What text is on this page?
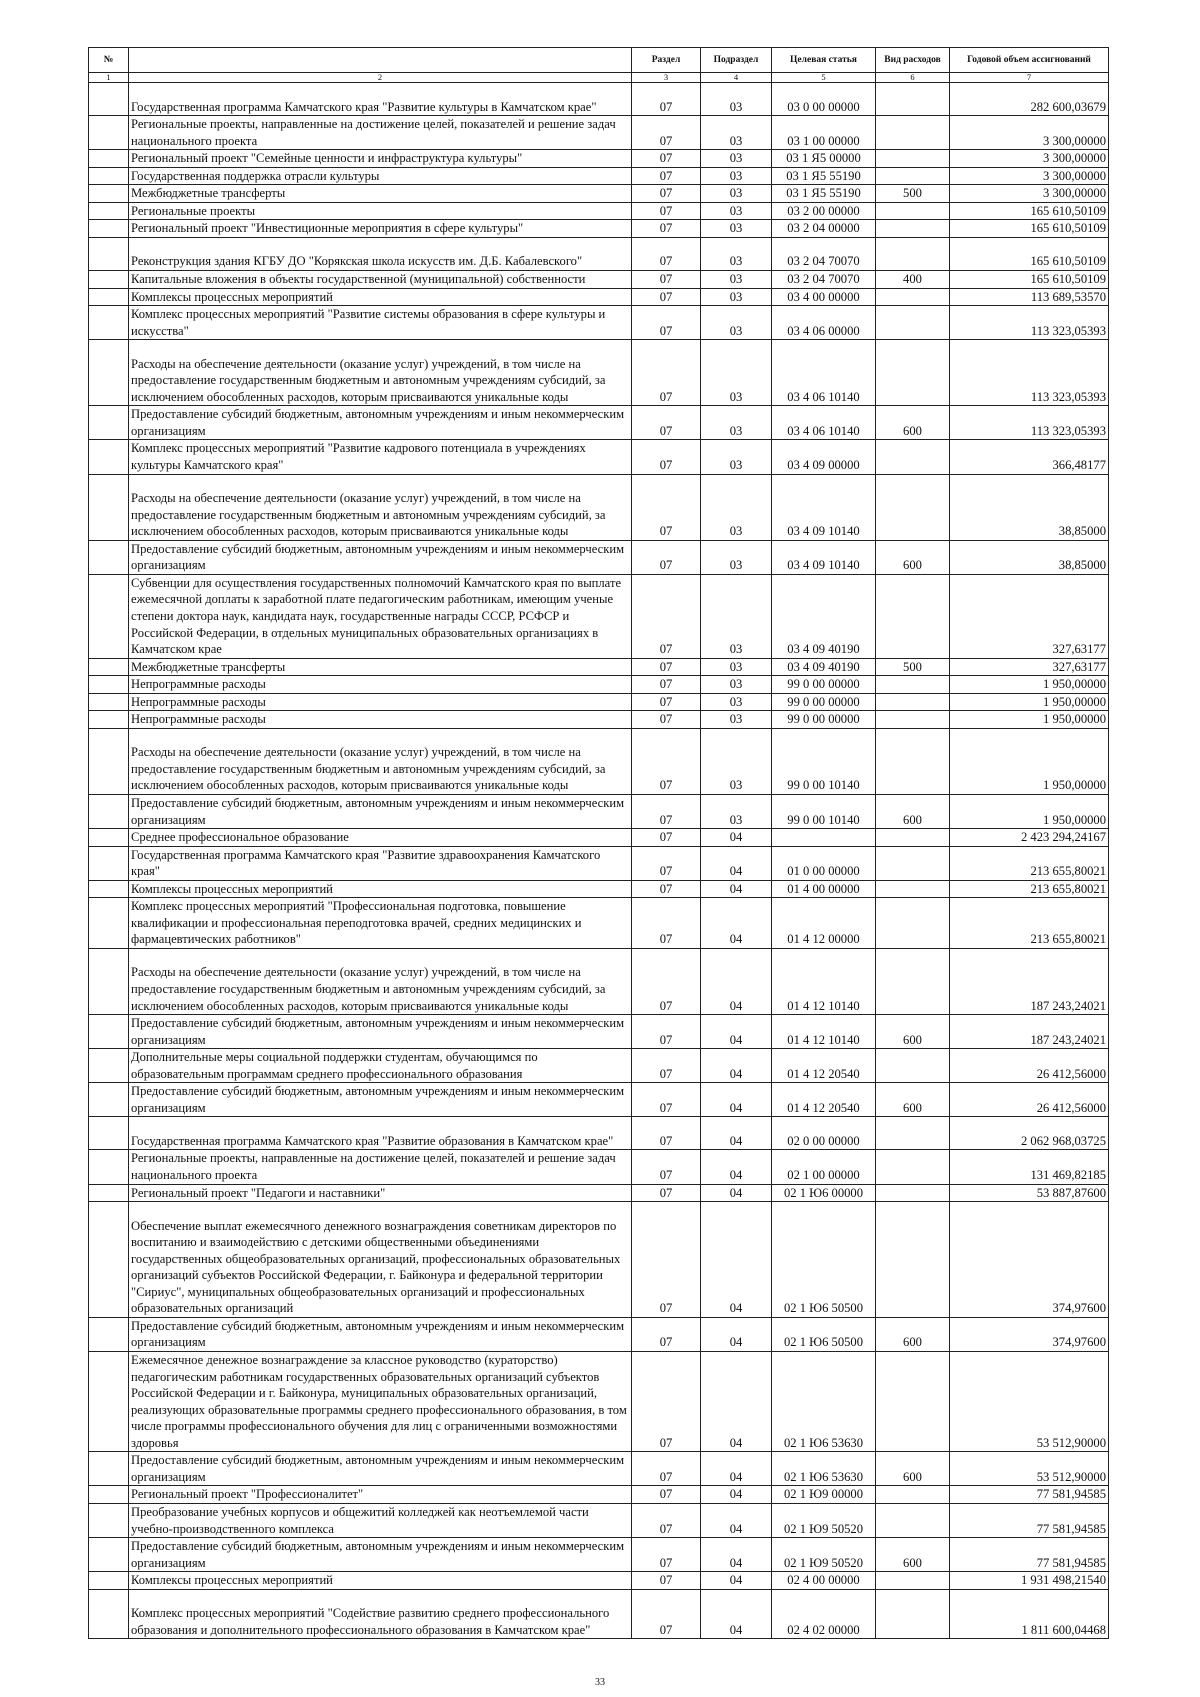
№		Раздел	Подраздел	Целевая статья	Вид расходов	Годовой объем ассигнований
1	2	3	4	5	6	7
	Государственная программа Камчатского края "Развитие культуры в Камчатском крае"	07	03	03 0 00 00000		282 600,03679
	Региональные проекты, направленные на достижение целей, показателей и решение задач национального проекта	07	03	03 1 00 00000		3 300,00000
	Региональный проект "Семейные ценности и инфраструктура культуры"	07	03	03 1 Я5 00000		3 300,00000
	Государственная поддержка отрасли культуры	07	03	03 1 Я5 55190		3 300,00000
	Межбюджетные трансферты	07	03	03 1 Я5 55190	500	3 300,00000
	Региональные проекты	07	03	03 2 00 00000		165 610,50109
	Региональный проект "Инвестиционные мероприятия в сфере культуры"	07	03	03 2 04 00000		165 610,50109
	Реконструкция здания КГБУ ДО "Корякская школа искусств им. Д.Б. Кабалевского"	07	03	03 2 04 70070		165 610,50109
	Капитальные вложения в объекты государственной (муниципальной) собственности	07	03	03 2 04 70070	400	165 610,50109
	Комплексы процессных мероприятий	07	03	03 4 00 00000		113 689,53570
	Комплекс процессных мероприятий "Развитие системы образования в сфере культуры и искусства"	07	03	03 4 06 00000		113 323,05393
	Расходы на обеспечение деятельности (оказание услуг) учреждений, в том числе на предоставление государственным бюджетным и автономным учреждениям субсидий, за исключением обособленных расходов, которым присваиваются уникальные коды	07	03	03 4 06 10140		113 323,05393
	Предоставление субсидий бюджетным, автономным учреждениям и иным некоммерческим организациям	07	03	03 4 06 10140	600	113 323,05393
	Комплекс процессных мероприятий "Развитие кадрового потенциала в учреждениях культуры Камчатского края"	07	03	03 4 09 00000		366,48177
	Расходы на обеспечение деятельности (оказание услуг) учреждений, в том числе на предоставление государственным бюджетным и автономным учреждениям субсидий, за исключением обособленных расходов, которым присваиваются уникальные коды	07	03	03 4 09 10140		38,85000
	Предоставление субсидий бюджетным, автономным учреждениям и иным некоммерческим организациям	07	03	03 4 09 10140	600	38,85000
	Субвенции для осуществления государственных полномочий Камчатского края по выплате ежемесячной доплаты к заработной плате педагогическим работникам, имеющим ученые степени доктора наук, кандидата наук, государственные награды СССР, РСФСР и Российской Федерации, в отдельных муниципальных образовательных организациях в Камчатском крае	07	03	03 4 09 40190		327,63177
	Межбюджетные трансферты	07	03	03 4 09 40190	500	327,63177
	Непрограммные расходы	07	03	99 0 00 00000		1 950,00000
	Непрограммные расходы	07	03	99 0 00 00000		1 950,00000
	Непрограммные расходы	07	03	99 0 00 00000		1 950,00000
	Расходы на обеспечение деятельности (оказание услуг) учреждений, в том числе на предоставление государственным бюджетным и автономным учреждениям субсидий, за исключением обособленных расходов, которым присваиваются уникальные коды	07	03	99 0 00 10140		1 950,00000
	Предоставление субсидий бюджетным, автономным учреждениям и иным некоммерческим организациям	07	03	99 0 00 10140	600	1 950,00000
	Среднее профессиональное образование	07	04			2 423 294,24167
	Государственная программа Камчатского края "Развитие здравоохранения Камчатского края"	07	04	01 0 00 00000		213 655,80021
	Комплексы процессных мероприятий	07	04	01 4 00 00000		213 655,80021
	Комплекс процессных мероприятий "Профессиональная подготовка, повышение квалификации и профессиональная переподготовка врачей, средних медицинских и фармацевтических работников"	07	04	01 4 12 00000		213 655,80021
	Расходы на обеспечение деятельности (оказание услуг) учреждений, в том числе на предоставление государственным бюджетным и автономным учреждениям субсидий, за исключением обособленных расходов, которым присваиваются уникальные коды	07	04	01 4 12 10140		187 243,24021
	Предоставление субсидий бюджетным, автономным учреждениям и иным некоммерческим организациям	07	04	01 4 12 10140	600	187 243,24021
	Дополнительные меры социальной поддержки студентам, обучающимся по образовательным программам среднего профессионального образования	07	04	01 4 12 20540		26 412,56000
	Предоставление субсидий бюджетным, автономным учреждениям и иным некоммерческим организациям	07	04	01 4 12 20540	600	26 412,56000
	Государственная программа Камчатского края "Развитие образования в Камчатском крае"	07	04	02 0 00 00000		2 062 968,03725
	Региональные проекты, направленные на достижение целей, показателей и решение задач национального проекта	07	04	02 1 00 00000		131 469,82185
	Региональный проект "Педагоги и наставники"	07	04	02 1 Ю6 00000		53 887,87600
	Обеспечение выплат ежемесячного денежного вознаграждения советникам директоров по воспитанию и взаимодействию с детскими общественными объединениями государственных общеобразовательных организаций, профессиональных образовательных организаций субъектов Российской Федерации, г. Байконура и федеральной территории "Сириус", муниципальных общеобразовательных организаций и профессиональных образовательных организаций	07	04	02 1 Ю6 50500		374,97600
	Предоставление субсидий бюджетным, автономным учреждениям и иным некоммерческим организациям	07	04	02 1 Ю6 50500	600	374,97600
	Ежемесячное денежное вознаграждение за классное руководство (кураторство) педагогическим работникам государственных образовательных организаций субъектов Российской Федерации и г. Байконура, муниципальных образовательных организаций, реализующих образовательные программы среднего профессионального образования, в том числе программы профессионального обучения для лиц с ограниченными возможностями здоровья	07	04	02 1 Ю6 53630		53 512,90000
	Предоставление субсидий бюджетным, автономным учреждениям и иным некоммерческим организациям	07	04	02 1 Ю6 53630	600	53 512,90000
	Региональный проект "Профессионалитет"	07	04	02 1 Ю9 00000		77 581,94585
	Преобразование учебных корпусов и общежитий колледжей как неотъемлемой части учебно-производственного комплекса	07	04	02 1 Ю9 50520		77 581,94585
	Предоставление субсидий бюджетным, автономным учреждениям и иным некоммерческим организациям	07	04	02 1 Ю9 50520	600	77 581,94585
	Комплексы процессных мероприятий	07	04	02 4 00 00000		1 931 498,21540
	Комплекс процессных мероприятий "Содействие развитию среднего профессионального образования и дополнительного профессионального образования в Камчатском крае"	07	04	02 4 02 00000		1 811 600,04468
33
